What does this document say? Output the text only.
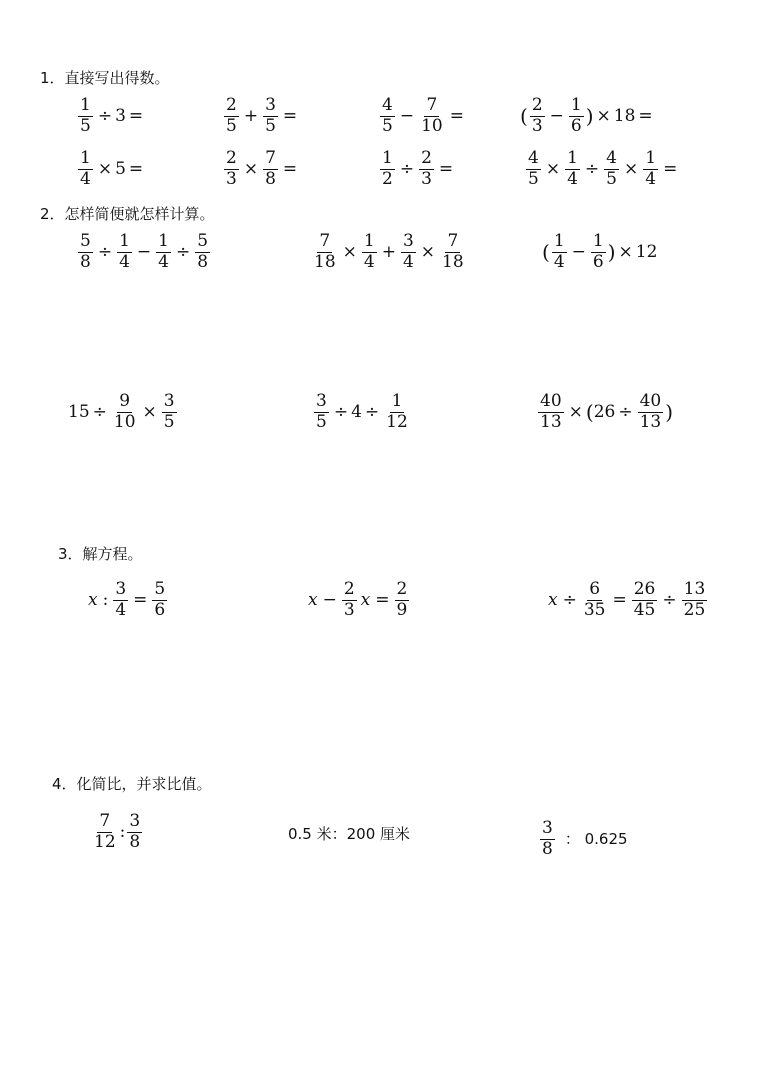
1．直接写出得数。
2．怎样简便就怎样计算。
3．解方程。
4．化简比，并求比值。
$\frac{1}{5} \div 3$ =	$\frac{2}{5} + \frac{3}{5}$ =	$\frac{4}{5} - \frac{7}{10}$ =	( $\frac{2}{3} - \frac{1}{6}$ ) × 18 =
$\frac{1}{4} \times 5$ =	$\frac{2}{3} \times \frac{7}{8}$ =	$\frac{1}{2} \div \frac{2}{3}$ =	$\frac{4}{5} \times \frac{1}{4} \div \frac{4}{5} \times \frac{1}{4}$ =
$\frac{5}{8} \div \frac{1}{4} - \frac{1}{4} \div \frac{5}{8}$	$\frac{7}{18} \times \frac{1}{4} + \frac{3}{4} \times \frac{7}{18}$	( $\frac{1}{4} - \frac{1}{6}$ ) × 12
$15 \div \frac{9}{10} \times \frac{3}{5}$	$\frac{3}{5} \div 4 \div \frac{1}{12}$	$\frac{40}{13}$ × ( $26 \div \frac{40}{13}$ )
x : $\frac{3}{4} = \frac{5}{6}$	$x - \frac{2}{3}$ $x = \frac{2}{9}$	$x \div \frac{6}{35} = \frac{26}{45} \div \frac{13}{25}$
$\frac{7}{12}$ : $\frac{3}{8}$	0.5 米：200 厘米	$\frac{3}{8}$ ： 0.625
